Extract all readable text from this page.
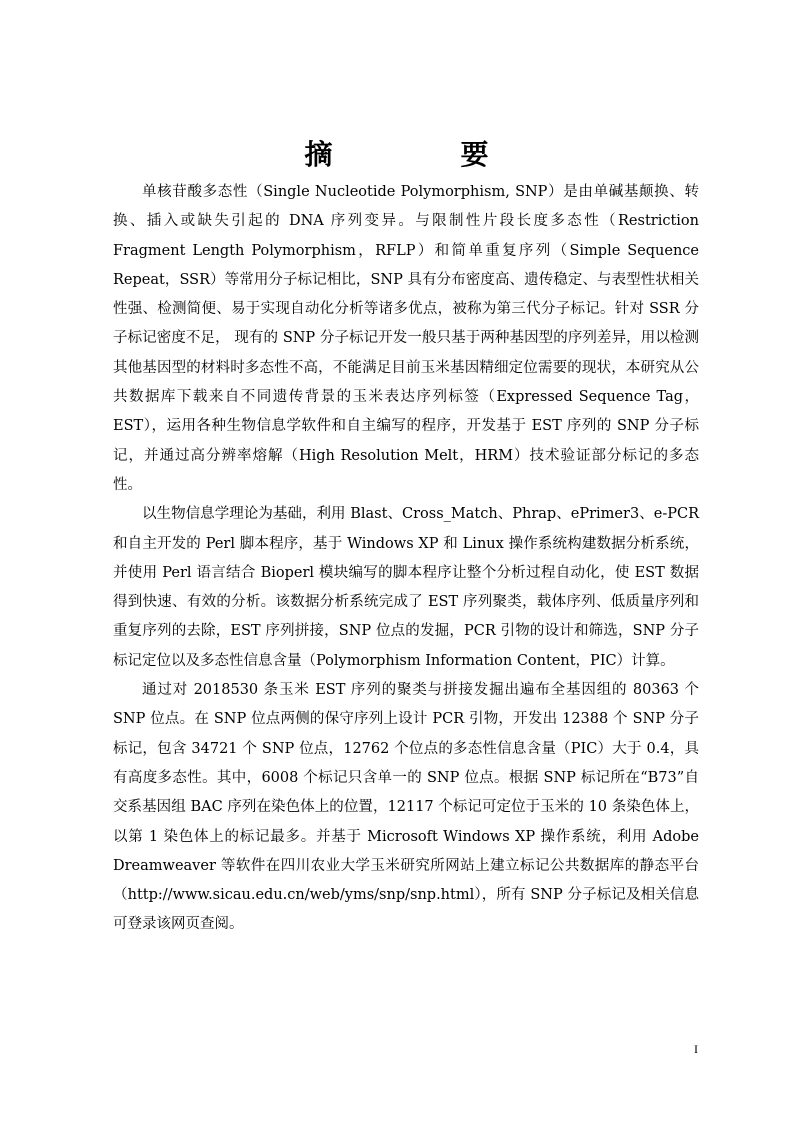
摘　要

单核苷酸多态性（Single Nucleotide Polymorphism, SNP）是由单碱基颠换、转换、插入或缺失引起的 DNA 序列变异。与限制性片段长度多态性（Restriction Fragment Length Polymorphism，RFLP）和简单重复序列（Simple Sequence Repeat，SSR）等常用分子标记相比，SNP 具有分布密度高、遗传稳定、与表型性状相关性强、检测简便、易于实现自动化分析等诸多优点，被称为第三代分子标记。针对 SSR 分子标记密度不足， 现有的 SNP 分子标记开发一般只基于两种基因型的序列差异，用以检测其他基因型的材料时多态性不高，不能满足目前玉米基因精细定位需要的现状，本研究从公共数据库下载来自不同遗传背景的玉米表达序列标签（Expressed Sequence Tag，EST），运用各种生物信息学软件和自主编写的程序，开发基于 EST 序列的 SNP 分子标记，并通过高分辨率熔解（High Resolution Melt，HRM）技术验证部分标记的多态性。

以生物信息学理论为基础，利用 Blast、Cross_Match、Phrap、ePrimer3、e-PCR 和自主开发的 Perl 脚本程序，基于 Windows XP 和 Linux 操作系统构建数据分析系统，并使用 Perl 语言结合 Bioperl 模块编写的脚本程序让整个分析过程自动化，使 EST 数据得到快速、有效的分析。该数据分析系统完成了 EST 序列聚类，载体序列、低质量序列和重复序列的去除，EST 序列拼接，SNP 位点的发掘，PCR 引物的设计和筛选，SNP 分子标记定位以及多态性信息含量（Polymorphism Information Content，PIC）计算。

通过对 2018530 条玉米 EST 序列的聚类与拼接发掘出遍布全基因组的 80363 个 SNP 位点。在 SNP 位点两侧的保守序列上设计 PCR 引物，开发出 12388 个 SNP 分子标记，包含 34721 个 SNP 位点，12762 个位点的多态性信息含量（PIC）大于 0.4，具有高度多态性。其中，6008 个标记只含单一的 SNP 位点。根据 SNP 标记所在“B73”自交系基因组 BAC 序列在染色体上的位置，12117 个标记可定位于玉米的 10 条染色体上，以第 1 染色体上的标记最多。并基于 Microsoft Windows XP 操作系统，利用 Adobe Dreamweaver 等软件在四川农业大学玉米研究所网站上建立标记公共数据库的静态平台（http://www.sicau.edu.cn/web/yms/snp/snp.html），所有 SNP 分子标记及相关信息可登录该网页查阅。

I
